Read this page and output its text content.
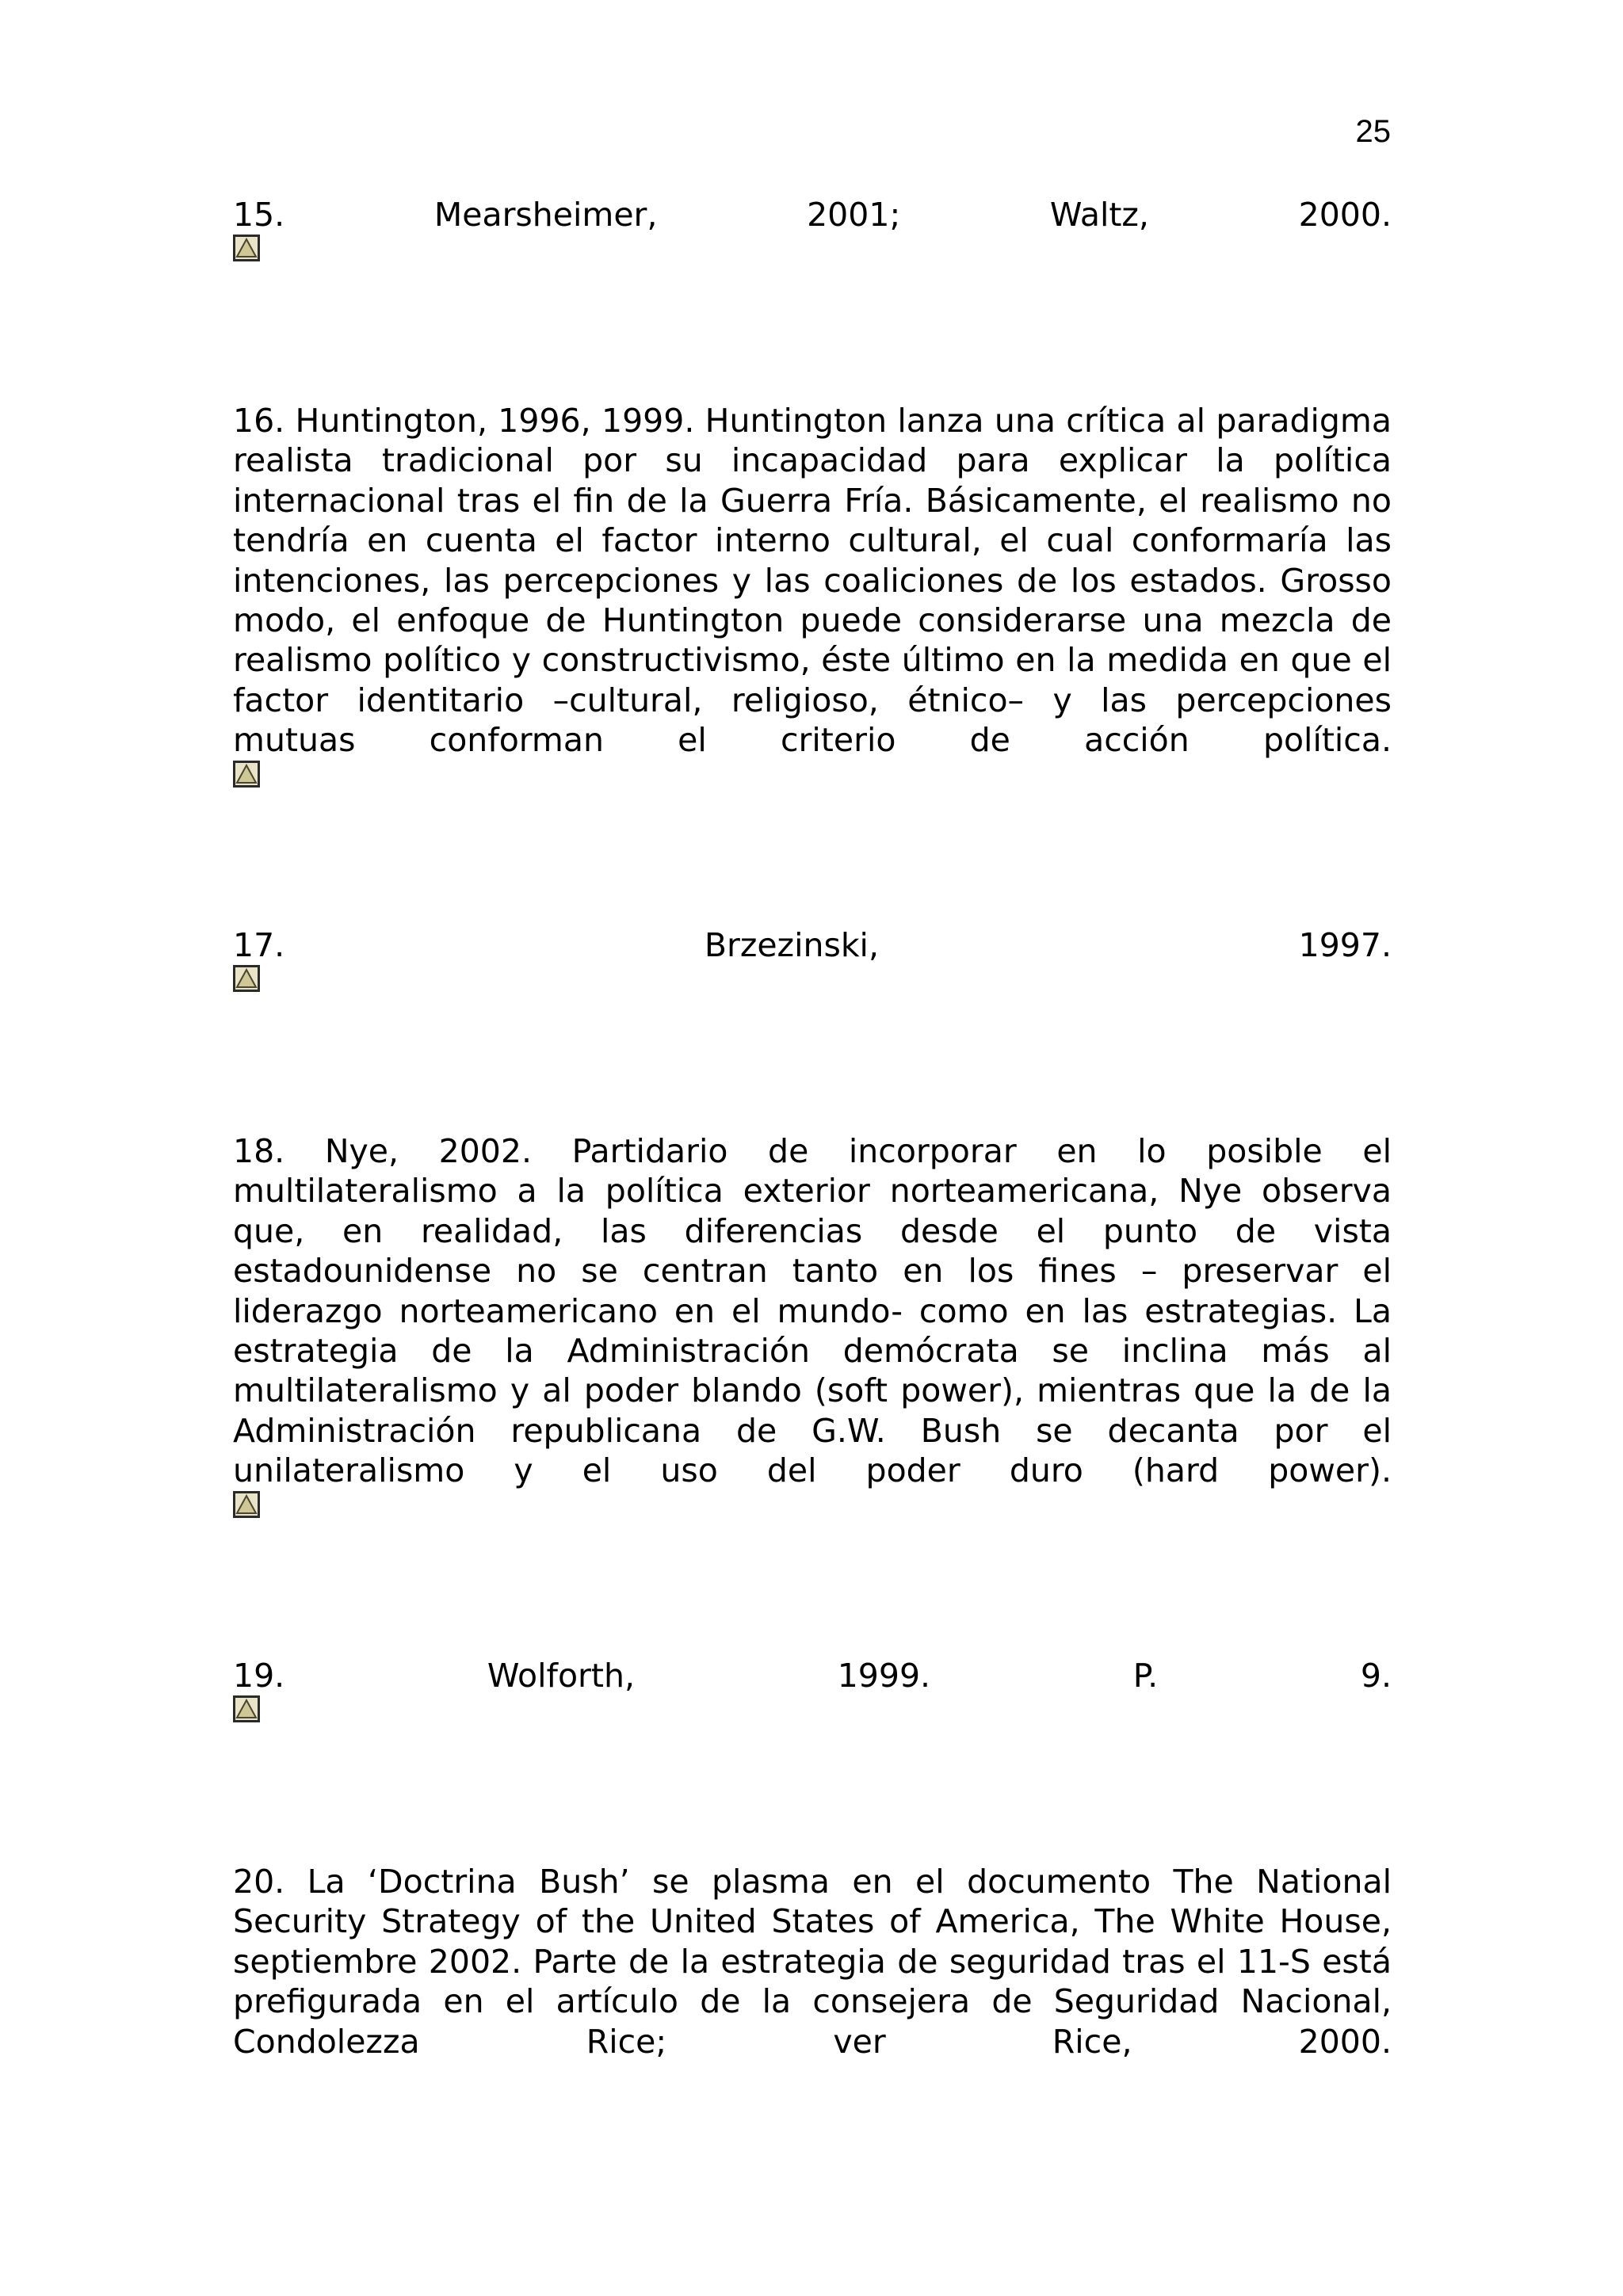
25

15. Mearsheimer, 2001; Waltz, 2000.

16. Huntington, 1996, 1999. Huntington lanza una crítica al paradigma realista tradicional por su incapacidad para explicar la política internacional tras el fin de la Guerra Fría. Básicamente, el realismo no tendría en cuenta el factor interno cultural, el cual conformaría las intenciones, las percepciones y las coaliciones de los estados. Grosso modo, el enfoque de Huntington puede considerarse una mezcla de realismo político y constructivismo, éste último en la medida en que el factor identitario –cultural, religioso, étnico– y las percepciones mutuas conforman el criterio de acción política.

17. Brzezinski, 1997.

18. Nye, 2002. Partidario de incorporar en lo posible el multilateralismo a la política exterior norteamericana, Nye observa que, en realidad, las diferencias desde el punto de vista estadounidense no se centran tanto en los fines – preservar el liderazgo norteamericano en el mundo- como en las estrategias. La estrategia de la Administración demócrata se inclina más al multilateralismo y al poder blando (soft power), mientras que la de la Administración republicana de G.W. Bush se decanta por el unilateralismo y el uso del poder duro (hard power).

19. Wolforth, 1999. P. 9.

20. La ‘Doctrina Bush’ se plasma en el documento The National Security Strategy of the United States of America, The White House, septiembre 2002. Parte de la estrategia de seguridad tras el 11-S está prefigurada en el artículo de la consejera de Seguridad Nacional, Condolezza Rice; ver Rice, 2000.
